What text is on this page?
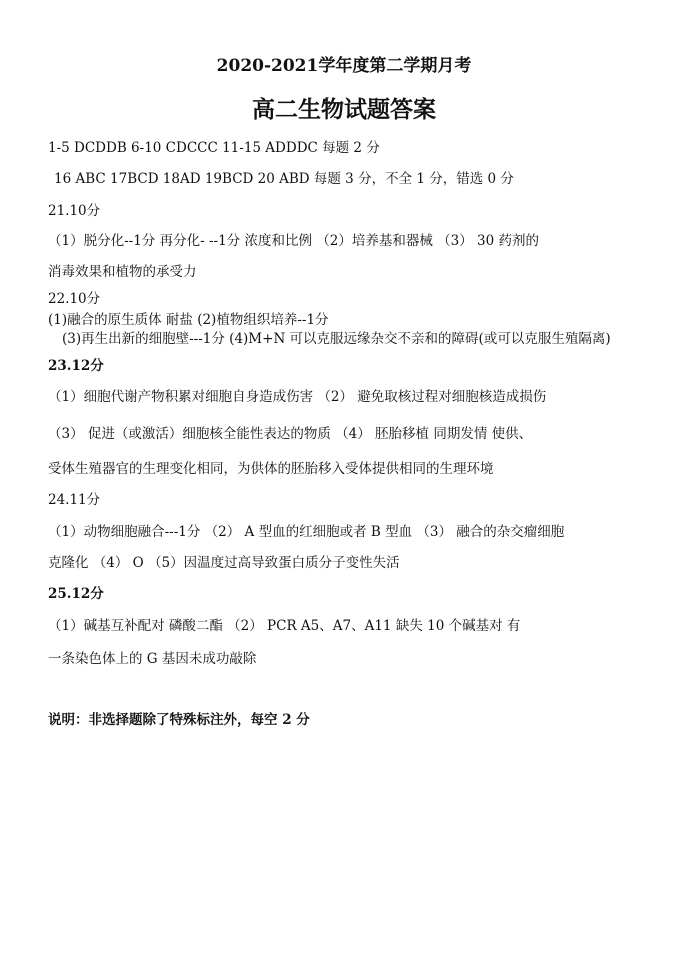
2020-2021学年度第二学期月考
高二生物试题答案
1-5 DCDDB 6-10 CDCCC 11-15 ADDDC 每题 2 分
16 ABC 17BCD 18AD 19BCD 20 ABD 每题 3 分，不全 1 分，错选 0 分
21.10分
（1）脱分化--1分 再分化- --1分 浓度和比例 （2）培养基和器械 （3） 30 药剂的
消毒效果和植物的承受力
22.10分
(1)融合的原生质体 耐盐 (2)植物组织培养--1分
(3)再生出新的细胞壁---1分 (4)M+N 可以克服远缘杂交不亲和的障碍(或可以克服生殖隔离)
23.12分
（1）细胞代谢产物积累对细胞自身造成伤害 （2） 避免取核过程对细胞核造成损伤
（3） 促进（或激活）细胞核全能性表达的物质 （4） 胚胎移植 同期发情 使供、
受体生殖器官的生理变化相同，为供体的胚胎移入受体提供相同的生理环境
24.11分
（1）动物细胞融合---1分 （2） A 型血的红细胞或者 B 型血 （3） 融合的杂交瘤细胞
克隆化 （4） O （5）因温度过高导致蛋白质分子变性失活
25.12分
（1）碱基互补配对 磷酸二酯 （2） PCR A5、A7、A11 缺失 10 个碱基对 有
一条染色体上的 G 基因未成功敲除
说明：非选择题除了特殊标注外，每空 2 分
